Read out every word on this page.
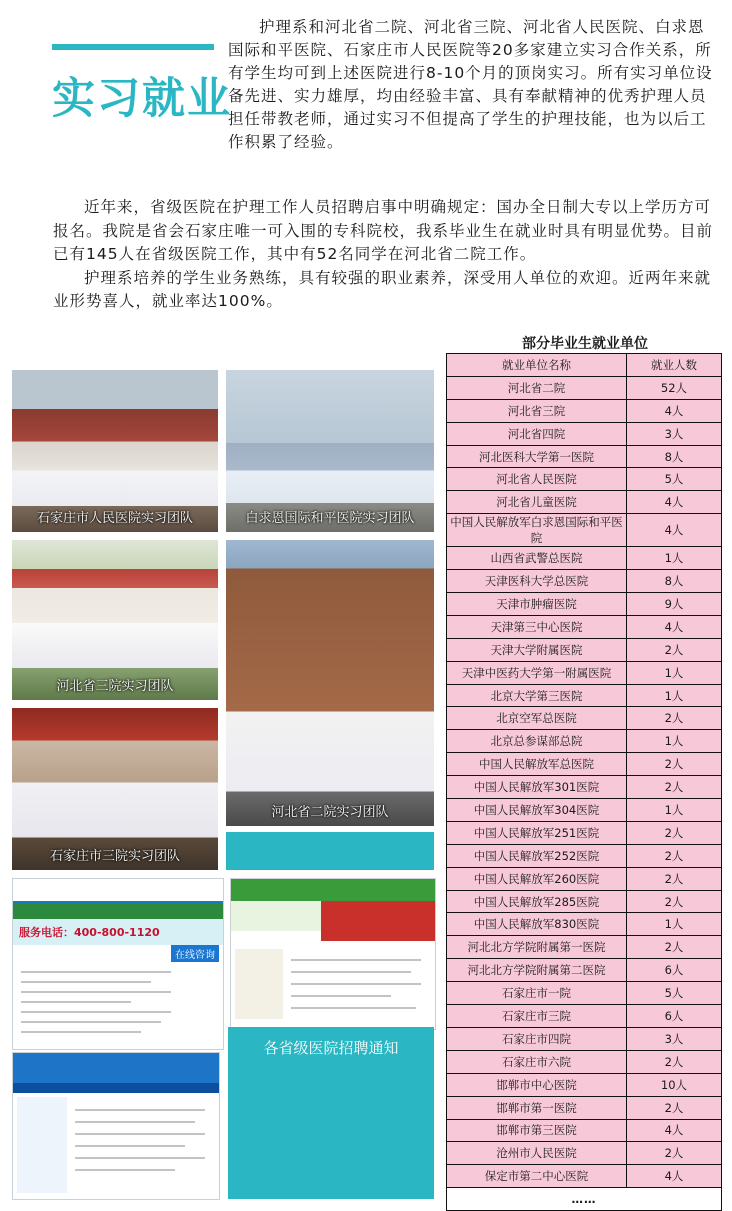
实习就业

护理系和河北省二院、河北省三院、河北省人民医院、白求恩国际和平医院、石家庄市人民医院等20多家建立实习合作关系，所有学生均可到上述医院进行8-10个月的顶岗实习。所有实习单位设备先进、实力雄厚，均由经验丰富、具有奉献精神的优秀护理人员担任带教老师，通过实习不但提高了学生的护理技能，也为以后工作积累了经验。

近年来，省级医院在护理工作人员招聘启事中明确规定：国办全日制大专以上学历方可报名。我院是省会石家庄唯一可入围的专科院校，我系毕业生在就业时具有明显优势。目前已有145人在省级医院工作，其中有52名同学在河北省二院工作。

护理系培养的学生业务熟练，具有较强的职业素养，深受用人单位的欢迎。近两年来就业形势喜人，就业率达100%。

石家庄市人民医院实习团队	白求恩国际和平医院实习团队
河北省三院实习团队
河北省二院实习团队
石家庄市三院实习团队
服务电话：400-800-1120
在线咨询
各省级医院招聘通知
部分毕业生就业单位
就业单位名称	就业人数
河北省二院	52人
河北省三院	4人
河北省四院	3人
河北医科大学第一医院	8人
河北省人民医院	5人
河北省儿童医院	4人
中国人民解放军白求恩国际和平医院	4人
山西省武警总医院	1人
天津医科大学总医院	8人
天津市肿瘤医院	9人
天津第三中心医院	4人
天津大学附属医院	2人
天津中医药大学第一附属医院	1人
北京大学第三医院	1人
北京空军总医院	2人
北京总参谋部总院	1人
中国人民解放军总医院	2人
中国人民解放军301医院	2人
中国人民解放军304医院	1人
中国人民解放军251医院	2人
中国人民解放军252医院	2人
中国人民解放军260医院	2人
中国人民解放军285医院	2人
中国人民解放军830医院	1人
河北北方学院附属第一医院	2人
河北北方学院附属第二医院	6人
石家庄市一院	5人
石家庄市三院	6人
石家庄市四院	3人
石家庄市六院	2人
邯郸市中心医院	10人
邯郸市第一医院	2人
邯郸市第三医院	4人
沧州市人民医院	2人
保定市第二中心医院	4人
……	
